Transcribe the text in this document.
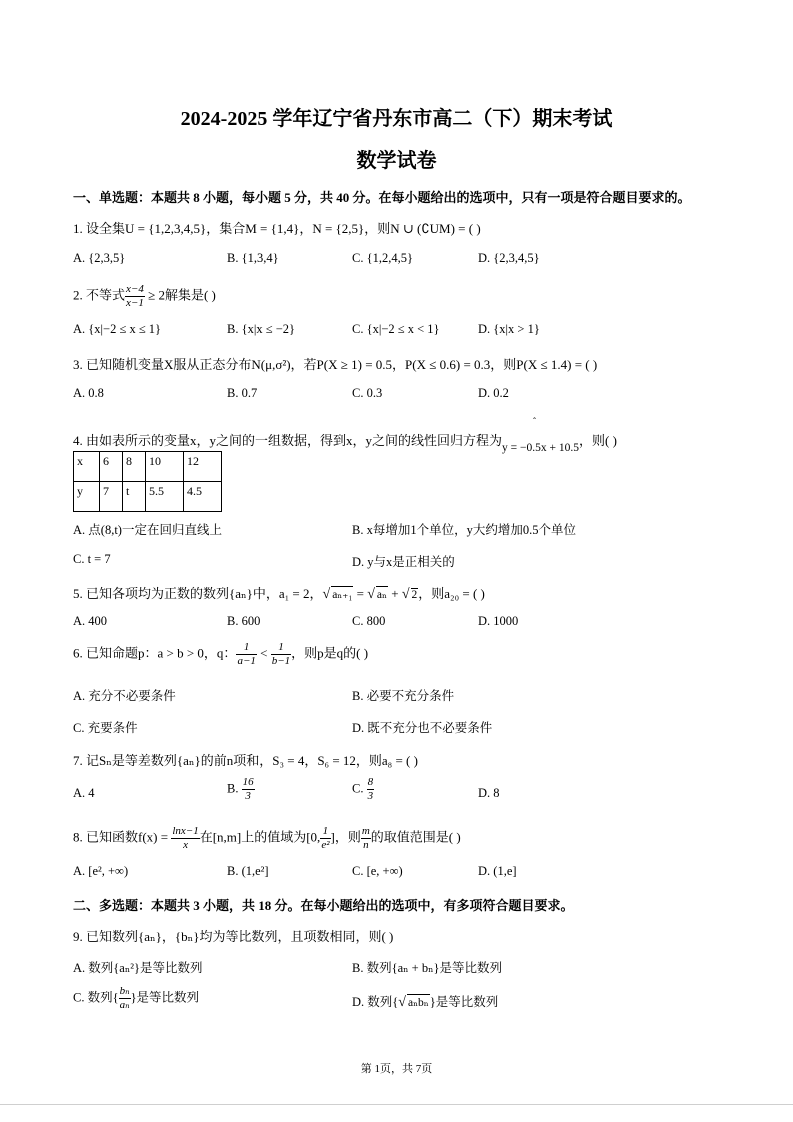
2024-2025 学年辽宁省丹东市高二（下）期末考试
数学试卷
一、单选题：本题共 8 小题，每小题 5 分，共 40 分。在每小题给出的选项中，只有一项是符合题目要求的。
1. 设全集U = {1,2,3,4,5}，集合M = {1,4}，N = {2,5}，则N ∪ (∁UM) = ( )
A. {2,3,5}	B. {1,3,4}	C. {1,2,4,5}	D. {2,3,4,5}
2. 不等式 $\frac{x-4}{x-1} \ge 2$解集是( )
A. {x|−2 ≤ x ≤ 1}	B. {x|x ≤ −2}	C. {x|−2 ≤ x < 1}	D. {x|x > 1}
3. 已知随机变量X服从正态分布N(μ,σ²)，若P(X ≥ 1) = 0.5，P(X ≤ 0.6) = 0.3，则P(X ≤ 1.4) = ( )
A. 0.8	B. 0.7	C. 0.3	D. 0.2
ˆ
4. 由如表所示的变量x，y之间的一组数据，得到x，y之间的线性回归方程为y = −0.5x + 10.5，则( )
x	6	8	10	12
y	7	t	5.5	4.5
A. 点(8,t)一定在回归直线上	B. x每增加1个单位，y大约增加0.5个单位
C. t = 7	D. y与x是正相关的
5. 已知各项均为正数的数列{aₙ}中，a₁ = 2，√ aₙ₊₁ = √ aₙ + √ 2，则a₂₀ = ( )
A. 400	B. 600	C. 800	D. 1000
6. 已知命题p：a > b > 0，q： $\frac{1}{a-1} < \frac{1}{b-1}$ ，则p是q的( )
A. 充分不必要条件	B. 必要不充分条件
C. 充要条件	D. 既不充分也不必要条件
7. 记Sₙ是等差数列{aₙ}的前n项和，S₃ = 4，S₆ = 12，则a₈ = ( )
A. 4	B. $\frac{16}{3}$	C. $\frac{8}{3}$	D. 8
8. 已知函数$f(x) = \frac{\ln x-1}{x}$ 在[n,m]上的值域为[0, $\frac{1}{\text{e²}}$ ]，则 $\frac{m}{n}$ 的取值范围是( )
A. [e², +∞)	B. (1,e²]	C. [e, +∞)	D. (1,e]
二、多选题：本题共 3 小题，共 18 分。在每小题给出的选项中，有多项符合题目要求。
9. 已知数列{aₙ}，{bₙ}均为等比数列，且项数相同，则( )
A. 数列{aₙ²}是等比数列	B. 数列{aₙ + bₙ}是等比数列
C. 数列{ $\frac{\text{bₙ}}{\text{aₙ}}$ }是等比数列	D. 数列{√ aₙbₙ}是等比数列
第 1页，共 7页
